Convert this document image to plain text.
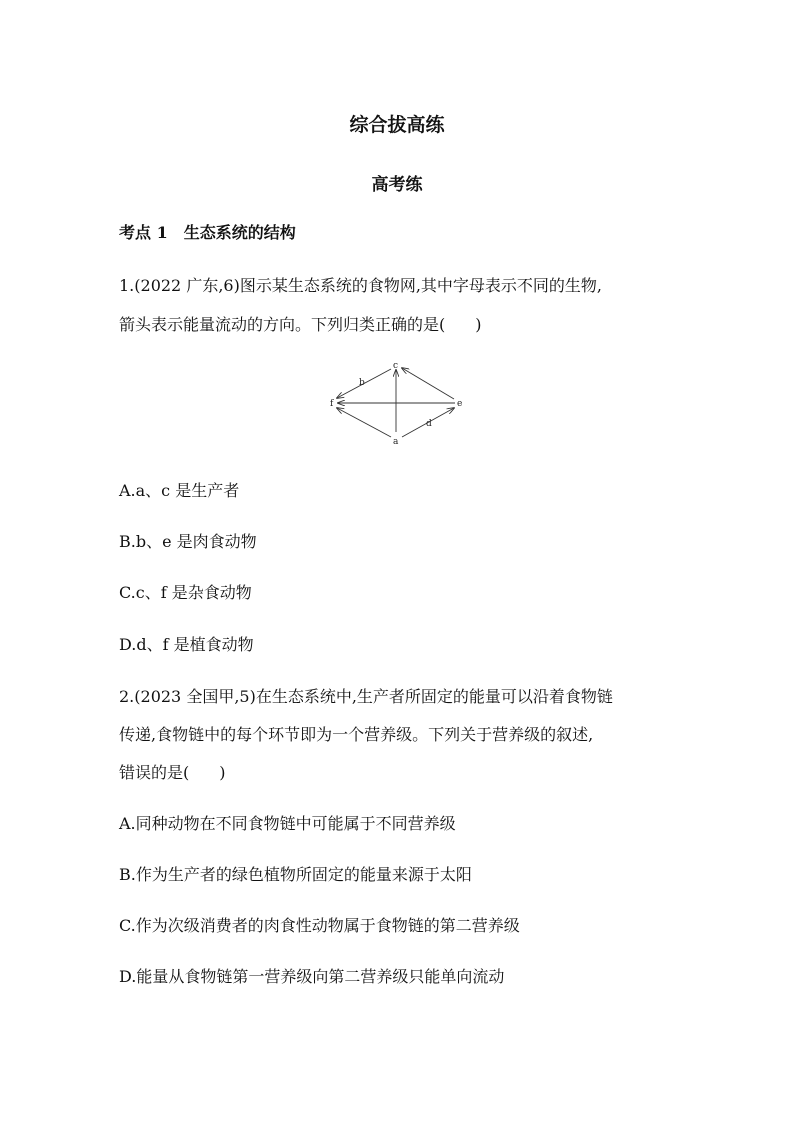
综合拔高练
高考练
考点 1　生态系统的结构
1.(2022 广东,6)图示某生态系统的食物网,其中字母表示不同的生物,
箭头表示能量流动的方向。下列归类正确的是( )
c
b
f	e
d
a
A.a、c 是生产者
B.b、e 是肉食动物
C.c、f 是杂食动物
D.d、f 是植食动物
2.(2023 全国甲,5)在生态系统中,生产者所固定的能量可以沿着食物链
传递,食物链中的每个环节即为一个营养级。下列关于营养级的叙述,
错误的是( )
A.同种动物在不同食物链中可能属于不同营养级
B.作为生产者的绿色植物所固定的能量来源于太阳
C.作为次级消费者的肉食性动物属于食物链的第二营养级
D.能量从食物链第一营养级向第二营养级只能单向流动
